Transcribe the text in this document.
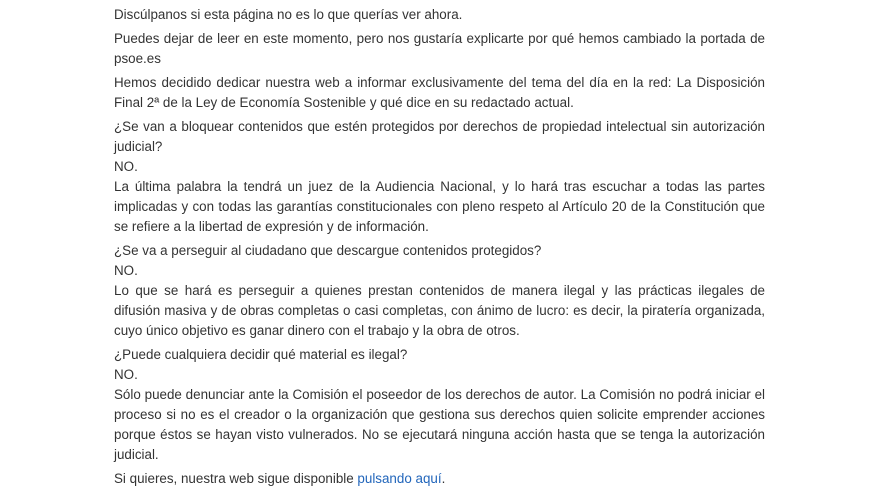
Discúlpanos si esta página no es lo que querías ver ahora.

Puedes dejar de leer en este momento, pero nos gustaría explicarte por qué hemos cambiado la portada de psoe.es

Hemos decidido dedicar nuestra web a informar exclusivamente del tema del día en la red: La Disposición Final 2ª de la Ley de Economía Sostenible y qué dice en su redactado actual.

¿Se van a bloquear contenidos que estén protegidos por derechos de propiedad intelectual sin autorización judicial?
NO.
La última palabra la tendrá un juez de la Audiencia Nacional, y lo hará tras escuchar a todas las partes implicadas y con todas las garantías constitucionales con pleno respeto al Artículo 20 de la Constitución que se refiere a la libertad de expresión y de información.

¿Se va a perseguir al ciudadano que descargue contenidos protegidos?
NO.
Lo que se hará es perseguir a quienes prestan contenidos de manera ilegal y las prácticas ilegales de difusión masiva y de obras completas o casi completas, con ánimo de lucro: es decir, la piratería organizada, cuyo único objetivo es ganar dinero con el trabajo y la obra de otros.

¿Puede cualquiera decidir qué material es ilegal?
NO.
Sólo puede denunciar ante la Comisión el poseedor de los derechos de autor. La Comisión no podrá iniciar el proceso si no es el creador o la organización que gestiona sus derechos quien solicite emprender acciones porque éstos se hayan visto vulnerados. No se ejecutará ninguna acción hasta que se tenga la autorización judicial.

Si quieres, nuestra web sigue disponible pulsando aquí.
